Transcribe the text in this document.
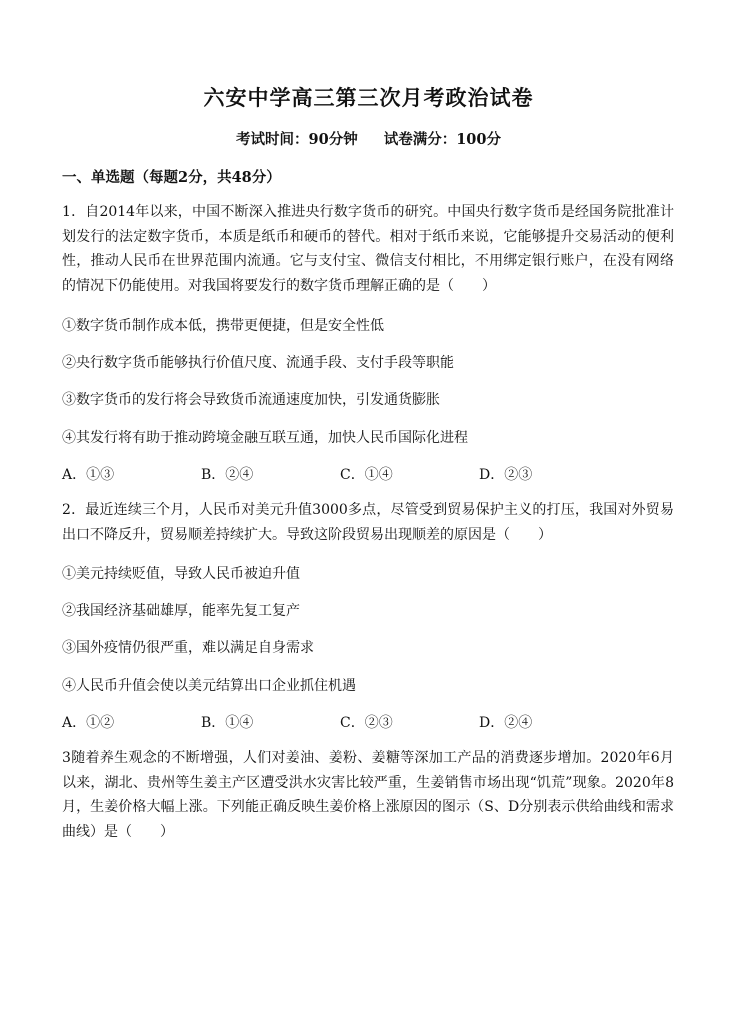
六安中学高三第三次月考政治试卷
考试时间：90分钟 试卷满分：100分
一、单选题（每题2分，共48分）
1．自2014年以来，中国不断深入推进央行数字货币的研究。中国央行数字货币是经国务院批准计划发行的法定数字货币，本质是纸币和硬币的替代。相对于纸币来说，它能够提升交易活动的便利性，推动人民币在世界范围内流通。它与支付宝、微信支付相比，不用绑定银行账户，在没有网络的情况下仍能使用。对我国将要发行的数字货币理解正确的是（　　）
①数字货币制作成本低，携带更便捷，但是安全性低
②央行数字货币能够执行价值尺度、流通手段、支付手段等职能
③数字货币的发行将会导致货币流通速度加快，引发通货膨胀
④其发行将有助于推动跨境金融互联互通，加快人民币国际化进程
A．①③	B．②④	C．①④	D．②③
2．最近连续三个月，人民币对美元升值3000多点，尽管受到贸易保护主义的打压，我国对外贸易出口不降反升，贸易顺差持续扩大。导致这阶段贸易出现顺差的原因是（　　）
①美元持续贬值，导致人民币被迫升值
②我国经济基础雄厚，能率先复工复产
③国外疫情仍很严重，难以满足自身需求
④人民币升值会使以美元结算出口企业抓住机遇
A．①②	B．①④	C．②③	D．②④
3随着养生观念的不断增强，人们对姜油、姜粉、姜糖等深加工产品的消费逐步增加。2020年6月以来，湖北、贵州等生姜主产区遭受洪水灾害比较严重，生姜销售市场出现“饥荒”现象。2020年8月，生姜价格大幅上涨。下列能正确反映生姜价格上涨原因的图示（S、D分别表示供给曲线和需求曲线）是（　　）
